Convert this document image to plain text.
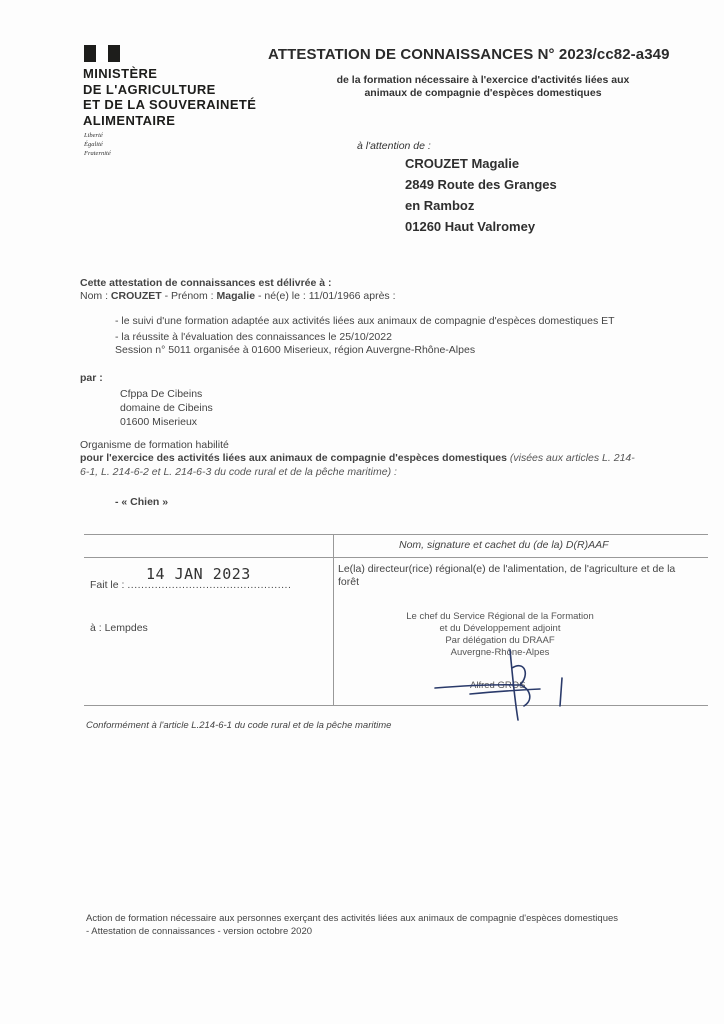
MINISTÈRE
DE L'AGRICULTURE
ET DE LA SOUVERAINETÉ
ALIMENTAIRE
Liberté
Égalité
Fraternité
ATTESTATION DE CONNAISSANCES N° 2023/cc82-a349
de la formation nécessaire à l'exercice d'activités liées aux animaux de compagnie d'espèces domestiques
à l'attention de :
CROUZET Magalie
2849 Route des Granges
en Ramboz
01260 Haut Valromey
Cette attestation de connaissances est délivrée à :
Nom : CROUZET - Prénom : Magalie - né(e) le : 11/01/1966 après :
- le suivi d'une formation adaptée aux activités liées aux animaux de compagnie d'espèces domestiques ET
- la réussite à l'évaluation des connaissances le 25/10/2022
Session n° 5011 organisée à 01600 Miserieux, région Auvergne-Rhône-Alpes
par :
Cfppa De Cibeins
domaine de Cibeins
01600 Miserieux
Organisme de formation habilité
pour l'exercice des activités liées aux animaux de compagnie d'espèces domestiques (visées aux articles L. 214-
6-1, L. 214-6-2 et L. 214-6-3 du code rural et de la pêche maritime) :
- « Chien »
Nom, signature et cachet du (de la) D(R)AAF
Fait le : ................................................
14 JAN 2023
à : Lempdes
Le(la) directeur(rice) régional(e) de l'alimentation, de l'agriculture et de la forêt
Le chef du Service Régional de la Formation
et du Développement adjoint
Par délégation du DRAAF
Auvergne-Rhône-Alpes
Alfred GROS
Conformément à l'article L.214-6-1 du code rural et de la pêche maritime
Action de formation nécessaire aux personnes exerçant des activités liées aux animaux de compagnie d'espèces domestiques
- Attestation de connaissances - version octobre 2020
